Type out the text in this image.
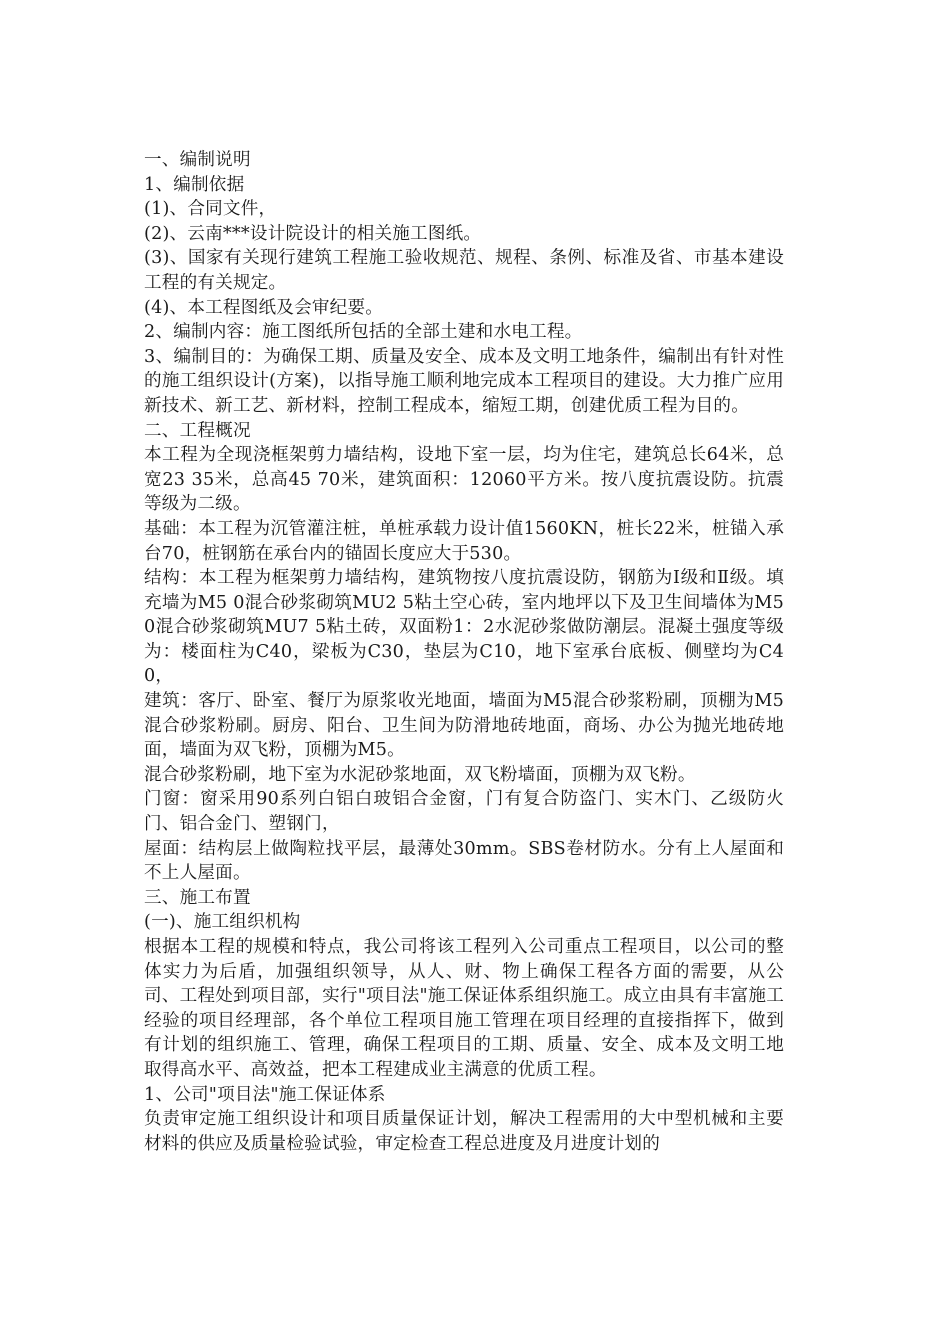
一、编制说明

1、编制依据

(1)、合同文件，

(2)、云南***设计院设计的相关施工图纸。

(3)、国家有关现行建筑工程施工验收规范、规程、条例、标准及省、市基本建设工程的有关规定。

(4)、本工程图纸及会审纪要。

2、编制内容：施工图纸所包括的全部土建和水电工程。

3、编制目的：为确保工期、质量及安全、成本及文明工地条件，编制出有针对性的施工组织设计(方案)，以指导施工顺利地完成本工程项目的建设。大力推广应用新技术、新工艺、新材料，控制工程成本，缩短工期，创建优质工程为目的。

二、工程概况

本工程为全现浇框架剪力墙结构，设地下室一层，均为住宅，建筑总长64米，总宽23 35米，总高45 70米，建筑面积：12060平方米。按八度抗震设防。抗震等级为二级。

基础：本工程为沉管灌注桩，单桩承载力设计值1560KN，桩长22米，桩锚入承台70，桩钢筋在承台内的锚固长度应大于530。

结构：本工程为框架剪力墙结构，建筑物按八度抗震设防，钢筋为Ⅰ级和Ⅱ级。填充墙为M5 0混合砂浆砌筑MU2 5粘土空心砖，室内地坪以下及卫生间墙体为M5 0混合砂浆砌筑MU7 5粘土砖，双面粉1：2水泥砂浆做防潮层。混凝土强度等级为：楼面柱为C40，梁板为C30，垫层为C10，地下室承台底板、侧壁均为C40，

建筑：客厅、卧室、餐厅为原浆收光地面，墙面为M5混合砂浆粉刷，顶棚为M5混合砂浆粉刷。厨房、阳台、卫生间为防滑地砖地面，商场、办公为抛光地砖地面，墙面为双飞粉，顶棚为M5。

混合砂浆粉刷，地下室为水泥砂浆地面，双飞粉墙面，顶棚为双飞粉。

门窗：窗采用90系列白铝白玻铝合金窗，门有复合防盗门、实木门、乙级防火门、铝合金门、塑钢门，

屋面：结构层上做陶粒找平层，最薄处30mm。SBS卷材防水。分有上人屋面和不上人屋面。

三、施工布置

(一)、施工组织机构

根据本工程的规模和特点，我公司将该工程列入公司重点工程项目，以公司的整体实力为后盾，加强组织领导，从人、财、物上确保工程各方面的需要，从公司、工程处到项目部，实行"项目法"施工保证体系组织施工。成立由具有丰富施工经验的项目经理部，各个单位工程项目施工管理在项目经理的直接指挥下，做到有计划的组织施工、管理，确保工程项目的工期、质量、安全、成本及文明工地取得高水平、高效益，把本工程建成业主满意的优质工程。

1、公司"项目法"施工保证体系

负责审定施工组织设计和项目质量保证计划，解决工程需用的大中型机械和主要材料的供应及质量检验试验，审定检查工程总进度及月进度计划的
